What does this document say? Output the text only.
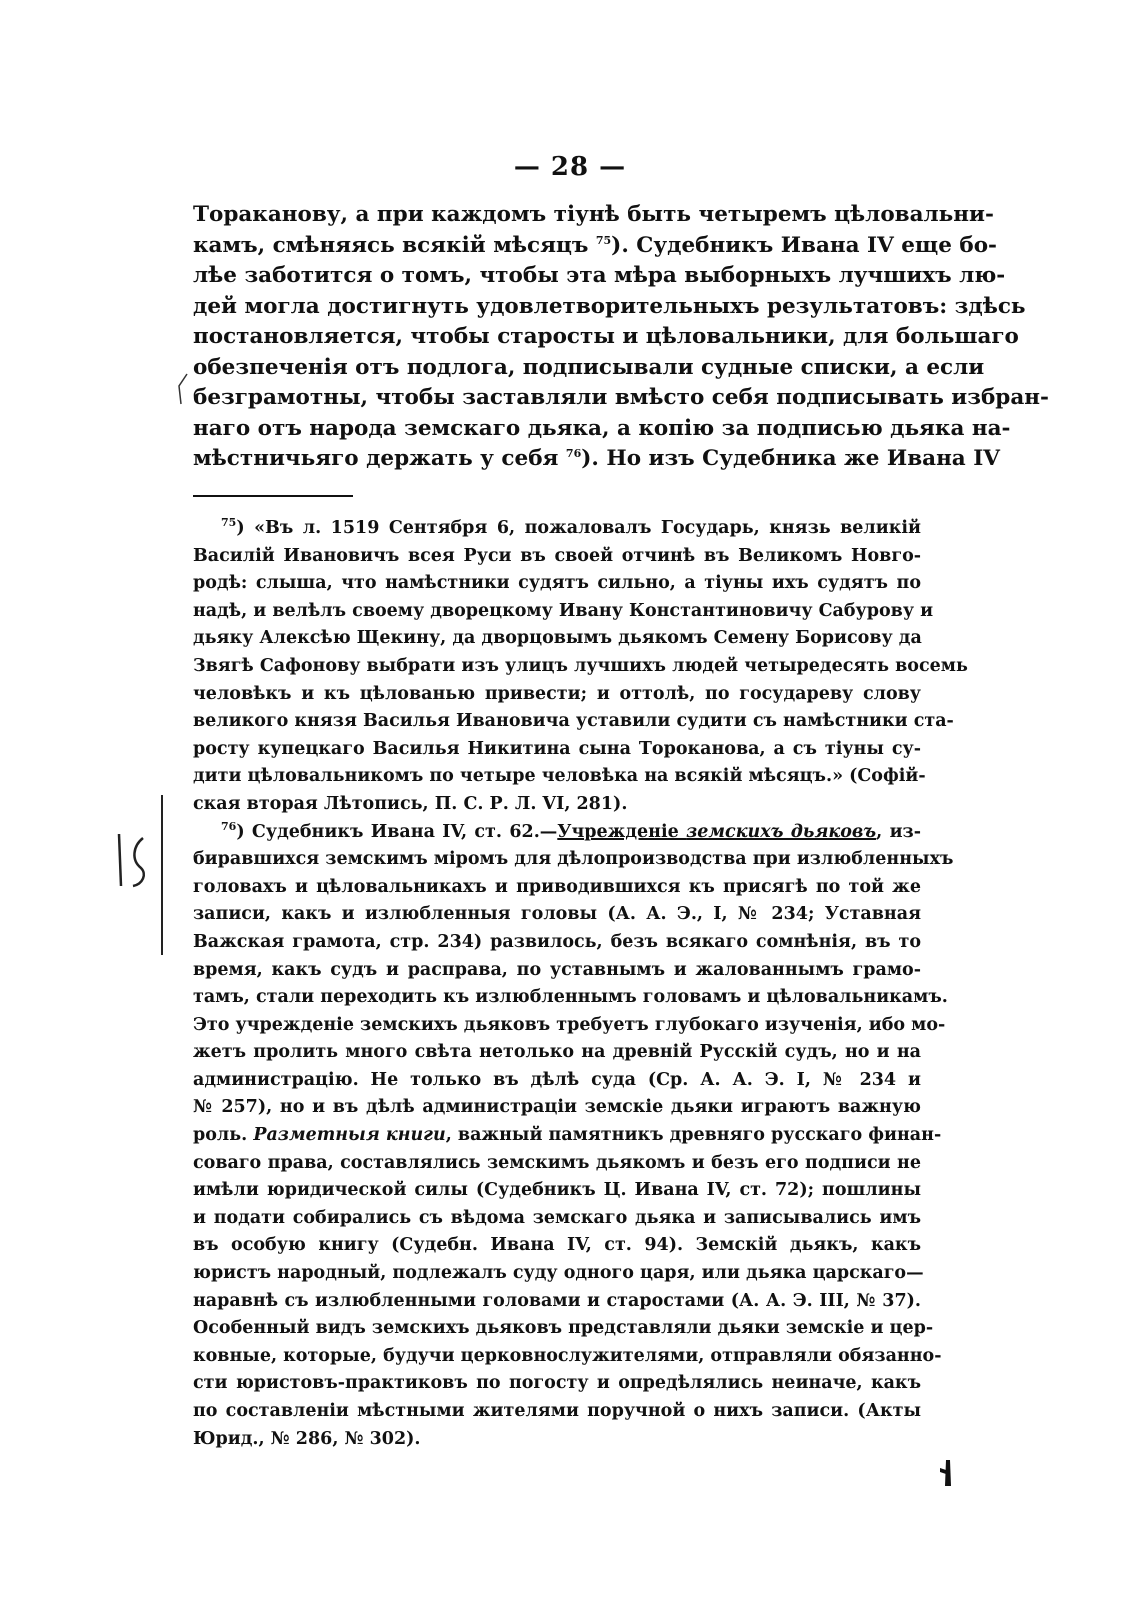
— 28 —
Тораканову, а при каждомъ тіунѣ быть четыремъ цѣловальни-
камъ, смѣняясь всякій мѣсяцъ $^{75}$). Судебникъ Ивана IV еще бо-
лѣе заботится о томъ, чтобы эта мѣра выборныхъ лучшихъ лю-
дей могла достигнуть удовлетворительныхъ результатовъ: здѣсь
постановляется, чтобы старосты и цѣловальники, для большаго
обезпеченія отъ подлога, подписывали судные списки, а если
безграмотны, чтобы заставляли вмѣсто себя подписывать избран-
наго отъ народа земскаго дьяка, а копію за подписью дьяка на-
мѣстничьяго держать у себя $^{76}$). Но изъ Судебника же Ивана IV
$^{75}$) «Въ л. 1519 Сентября 6, пожаловалъ Государь, князь великій
Василій Ивановичъ всея Руси въ своей отчинѣ въ Великомъ Новго-
родѣ: слыша, что намѣстники судятъ сильно, а тіуны ихъ судятъ по
надѣ, и велѣлъ своему дворецкому Ивану Константиновичу Сабурову и
дьяку Алексѣю Щекину, да дворцовымъ дьякомъ Семену Борисову да
Звягѣ Сафонову выбрати изъ улицъ лучшихъ людей четыредесять восемь
человѣкъ и къ цѣлованью привести; и оттолѣ, по государеву слову
великого князя Василья Ивановича уставили судити съ намѣстники ста-
росту купецкаго Василья Никитина сына Тороканова, а съ тіуны су-
дити цѣловальникомъ по четыре человѣка на всякій мѣсяцъ.» (Софій-
ская вторая Лѣтопись, П. С. Р. Л. VI, 281).
$^{76}$) Судебникъ Ивана IV, ст. 62.—Учрежденіе земскихъ дьяковъ, из-
биравшихся земскимъ міромъ для дѣлопроизводства при излюбленныхъ
головахъ и цѣловальникахъ и приводившихся къ присягѣ по той же
записи, какъ и излюбленныя головы (А. А. Э., I, № 234; Уставная
Важская грамота, стр. 234) развилось, безъ всякаго сомнѣнія, въ то
время, какъ судъ и расправа, по уставнымъ и жалованнымъ грамо-
тамъ, стали переходить къ излюбленнымъ головамъ и цѣловальникамъ.
Это учрежденіе земскихъ дьяковъ требуетъ глубокаго изученія, ибо мо-
жетъ пролить много свѣта нетолько на древній Русскій судъ, но и на
администрацію. Не только въ дѣлѣ суда (Ср. А. А. Э. I, № 234 и
№ 257), но и въ дѣлѣ администраціи земскіе дьяки играютъ важную
роль. Разметныя книги, важный памятникъ древняго русскаго финан-
соваго права, составлялись земскимъ дьякомъ и безъ его подписи не
имѣли юридической силы (Судебникъ Ц. Ивана IV, ст. 72); пошлины
и подати собирались съ вѣдома земскаго дьяка и записывались имъ
въ особую книгу (Судебн. Ивана IV, ст. 94). Земскій дьякъ, какъ
юристъ народный, подлежалъ суду одного царя, или дьяка царскаго—
наравнѣ съ излюбленными головами и старостами (А. А. Э. III, № 37).
Особенный видъ земскихъ дьяковъ представляли дьяки земскіе и цер-
ковные, которые, будучи церковнослужителями, отправляли обязанно-
сти юристовъ-практиковъ по погосту и опредѣлялись неиначе, какъ
по составленіи мѣстными жителями поручной о нихъ записи. (Акты
Юрид., № 286, № 302).
